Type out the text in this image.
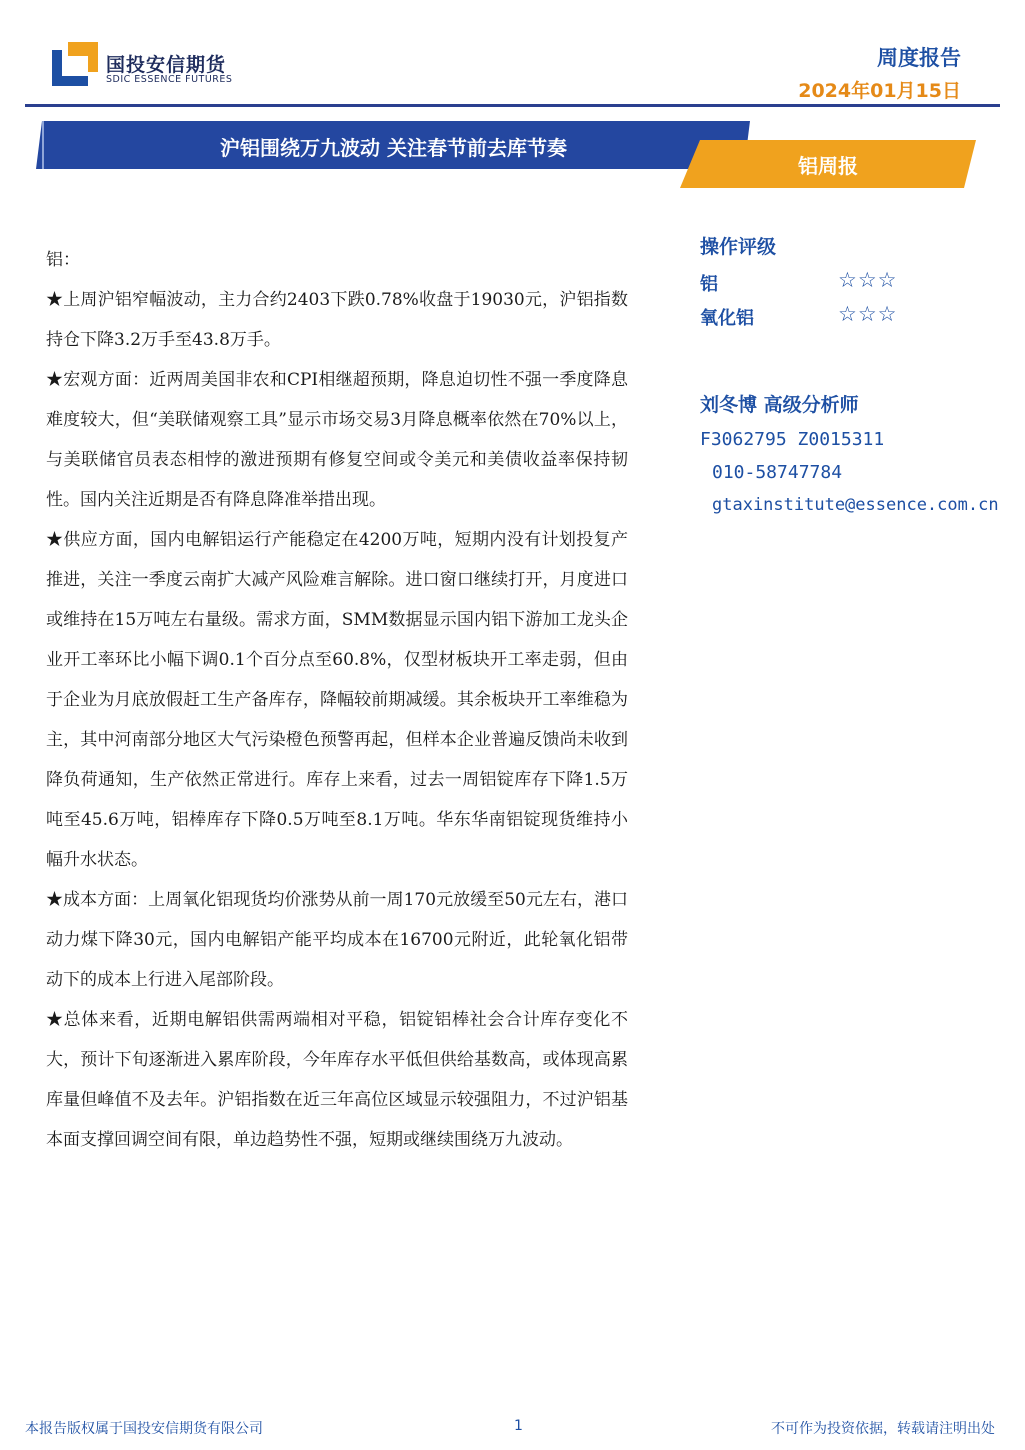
国投安信期货
SDIC ESSENCE FUTURES
周度报告
2024年01月15日
沪铝围绕万九波动 关注春节前去库节奏
铝周报

铝：

★上周沪铝窄幅波动，主力合约2403下跌0.78%收盘于19030元，沪铝指数持仓下降3.2万手至43.8万手。

★宏观方面：近两周美国非农和CPI相继超预期，降息迫切性不强一季度降息难度较大，但“美联储观察工具”显示市场交易3月降息概率依然在70%以上，与美联储官员表态相悖的激进预期有修复空间或令美元和美债收益率保持韧性。国内关注近期是否有降息降准举措出现。

★供应方面，国内电解铝运行产能稳定在4200万吨，短期内没有计划投复产推进，关注一季度云南扩大减产风险难言解除。进口窗口继续打开，月度进口或维持在15万吨左右量级。需求方面，SMM数据显示国内铝下游加工龙头企业开工率环比小幅下调0.1个百分点至60.8%，仅型材板块开工率走弱，但由于企业为月底放假赶工生产备库存，降幅较前期减缓。其余板块开工率维稳为主，其中河南部分地区大气污染橙色预警再起，但样本企业普遍反馈尚未收到降负荷通知，生产依然正常进行。库存上来看，过去一周铝锭库存下降1.5万吨至45.6万吨，铝棒库存下降0.5万吨至8.1万吨。华东华南铝锭现货维持小幅升水状态。

★成本方面：上周氧化铝现货均价涨势从前一周170元放缓至50元左右，港口动力煤下降30元，国内电解铝产能平均成本在16700元附近，此轮氧化铝带动下的成本上行进入尾部阶段。

★总体来看，近期电解铝供需两端相对平稳，铝锭铝棒社会合计库存变化不大，预计下旬逐渐进入累库阶段，今年库存水平低但供给基数高，或体现高累库量但峰值不及去年。沪铝指数在近三年高位区域显示较强阻力，不过沪铝基本面支撑回调空间有限，单边趋势性不强，短期或继续围绕万九波动。

操作评级
铝	☆☆☆
氧化铝	☆☆☆
刘冬博 高级分析师
F3062795 Z0015311
010-58747784
gtaxinstitute@essence.com.cn
本报告版权属于国投安信期货有限公司	1	不可作为投资依据，转载请注明出处
